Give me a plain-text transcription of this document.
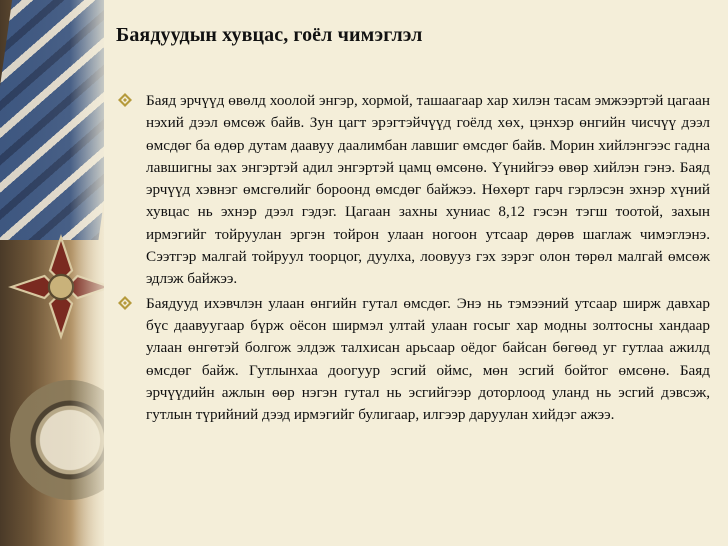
Баядуудын хувцас, гоёл чимэглэл

Баяд эрчүүд өвөлд хоолой энгэр, хормой, ташаагаар хар хилэн тасам эмжээртэй цагаан нэхий дээл өмсөж байв. Зун цагт эрэгтэйчүүд гоёлд хөх, цэнхэр өнгийн чисчүү дээл өмсдөг ба өдөр дутам даавуу даалимбан лавшиг өмсдөг байв. Морин хийлэнгээс гадна лавшигны зах энгэртэй адил энгэртэй цамц өмсөнө. Үүнийгээ өвөр хийлэн гэнэ. Баяд эрчүүд хэвнэг өмсгөлийг бороонд өмсдөг байжээ. Нөхөрт гарч гэрлэсэн эхнэр хүний хувцас нь эхнэр дээл гэдэг. Цагаан захны хуниас 8,12 гэсэн тэгш тоотой, захын ирмэгийг тойруулан эргэн тойрон улаан ногоон утсаар дөрөв шаглаж чимэглэнэ. Сээтгэр малгай тойруул тоорцог, дуулха, лоовууз гэх зэрэг олон төрөл малгай өмсөж эдлэж байжээ.

Баядууд ихэвчлэн улаан өнгийн гутал өмсдөг. Энэ нь тэмээний утсаар ширж давхар бүс даавуугаар бүрж оёсон ширмэл ултай улаан госыг хар модны золтосны хандаар улаан өнгөтэй болгож элдэж талхисан арьсаар оёдог байсан бөгөөд уг гутлаа ажилд өмсдөг байж. Гутлынхаа доогуур эсгий оймс, мөн эсгий бойтог өмсөнө. Баяд эрчүүдийн ажлын өөр нэгэн гутал нь эсгийгээр доторлоод уланд нь эсгий дэвсэж, гутлын түрийний дээд ирмэгийг булигаар, илгээр даруулан хийдэг ажээ.
